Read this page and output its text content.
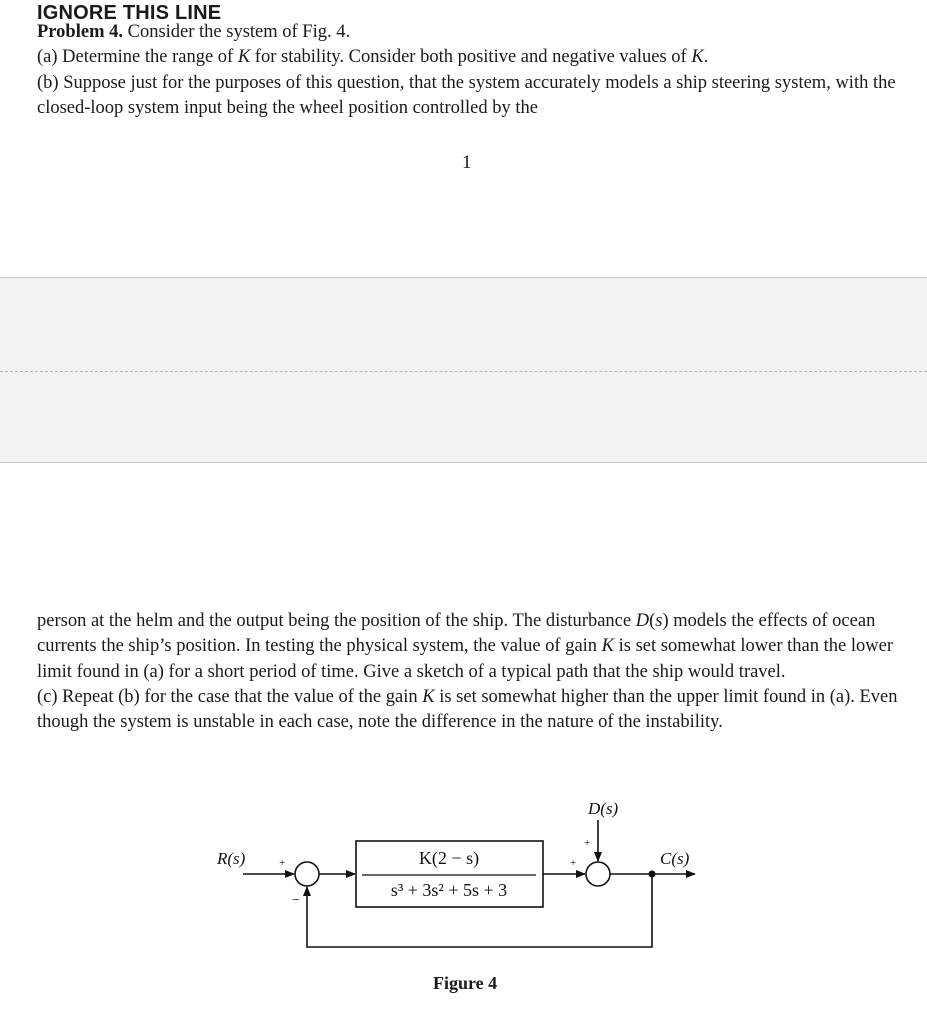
IGNORE THIS LINE

Problem 4. Consider the system of Fig. 4.

(a) Determine the range of K for stability. Consider both positive and negative values of K.

(b) Suppose just for the purposes of this question, that the system accurately models a ship steering system, with the closed-loop system input being the wheel position controlled by the

1

person at the helm and the output being the position of the ship. The disturbance D(s) models the effects of ocean currents the ship’s position. In testing the physical system, the value of gain K is set somewhat lower than the lower limit found in (a) for a short period of time. Give a sketch of a typical path that the ship would travel.

(c) Repeat (b) for the case that the value of the gain K is set somewhat higher than the upper limit found in (a). Even though the system is unstable in each case, note the difference in the nature of the instability.

R(s)	C(s)
D(s)
K(2 − s)
s³ + 3s² + 5s + 3
+
−
+
+
Figure 4
